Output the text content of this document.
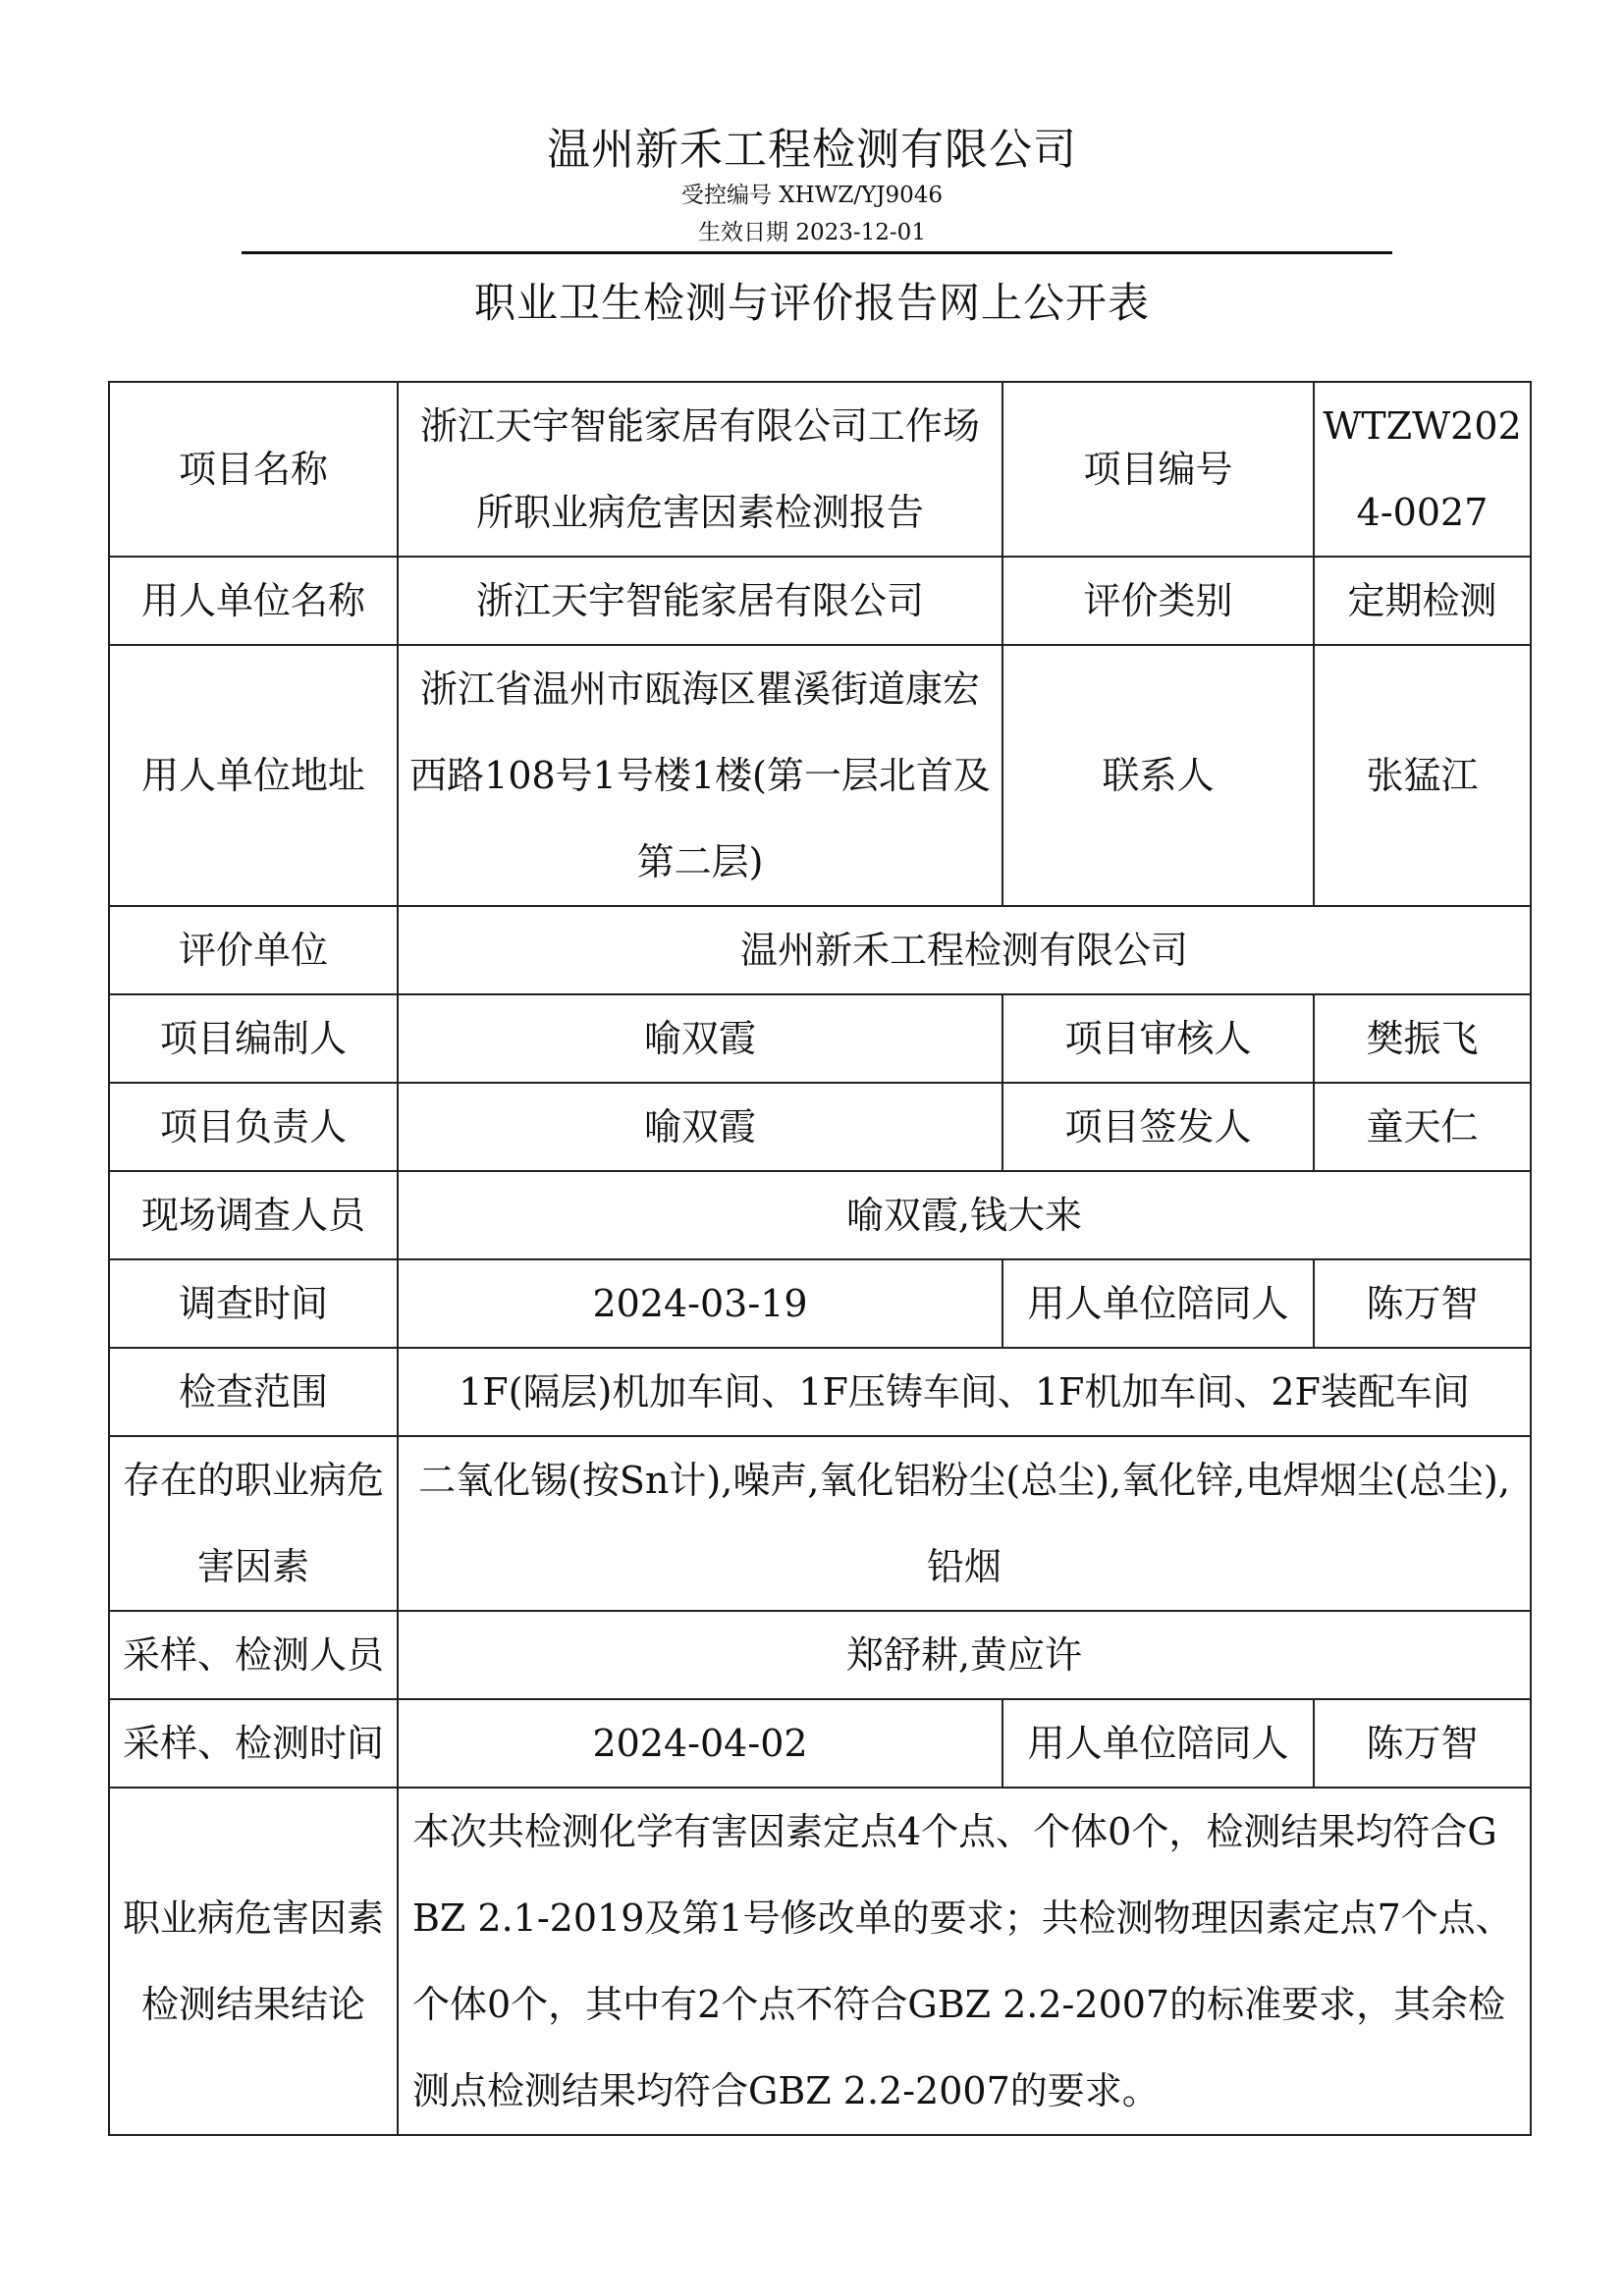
温州新禾工程检测有限公司
受控编号 XHWZ/YJ9046
生效日期 2023-12-01
职业卫生检测与评价报告网上公开表
项目名称	浙江天宇智能家居有限公司工作场所职业病危害因素检测报告	项目编号	WTZW2024-0027
用人单位名称	浙江天宇智能家居有限公司	评价类别	定期检测
用人单位地址	浙江省温州市瓯海区瞿溪街道康宏西路108号1号楼1楼(第一层北首及第二层)	联系人	张猛江
评价单位	温州新禾工程检测有限公司		
项目编制人	喻双霞	项目审核人	樊振飞
项目负责人	喻双霞	项目签发人	童天仁
现场调查人员	喻双霞,钱大来		
调查时间	2024-03-19	用人单位陪同人	陈万智
检查范围	1F(隔层)机加车间、1F压铸车间、1F机加车间、2F装配车间		
存在的职业病危害因素	二氧化锡(按Sn计),噪声,氧化铝粉尘(总尘),氧化锌,电焊烟尘(总尘),铅烟		
采样、检测人员	郑舒耕,黄应许		
采样、检测时间	2024-04-02	用人单位陪同人	陈万智
职业病危害因素检测结果结论	本次共检测化学有害因素定点4个点、个体0个，检测结果均符合GBZ 2.1-2019及第1号修改单的要求；共检测物理因素定点7个点、个体0个，其中有2个点不符合GBZ 2.2-2007的标准要求，其余检测点检测结果均符合GBZ 2.2-2007的要求。		
